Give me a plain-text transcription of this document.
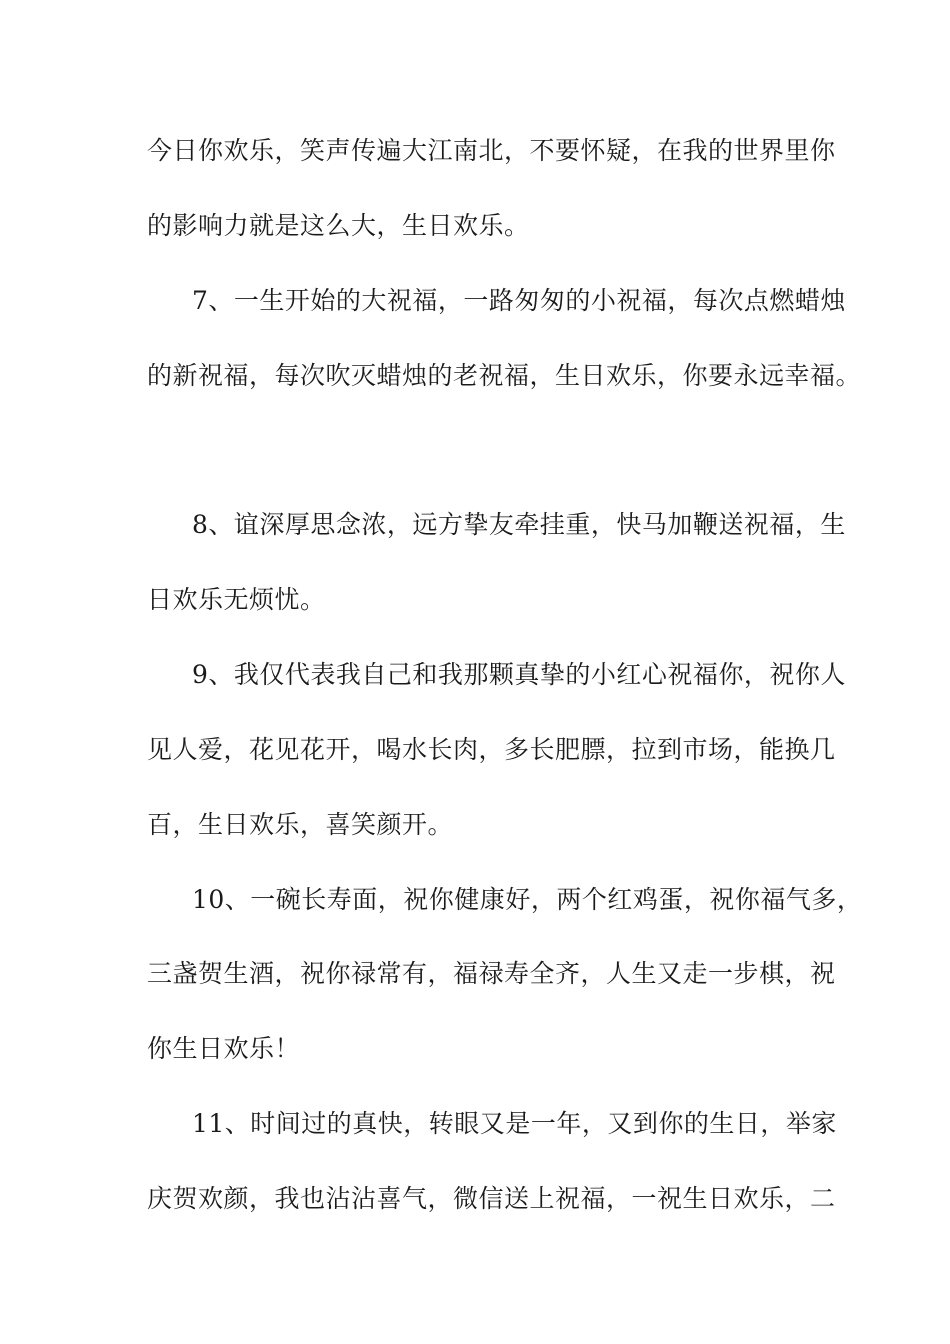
今日你欢乐，笑声传遍大江南北，不要怀疑，在我的世界里你
的影响力就是这么大，生日欢乐。
7、一生开始的大祝福，一路匆匆的小祝福，每次点燃蜡烛
的新祝福，每次吹灭蜡烛的老祝福，生日欢乐，你要永远幸福。
8、谊深厚思念浓，远方挚友牵挂重，快马加鞭送祝福，生
日欢乐无烦忧。
9、我仅代表我自己和我那颗真挚的小红心祝福你，祝你人
见人爱，花见花开，喝水长肉，多长肥膘，拉到市场，能换几
百，生日欢乐，喜笑颜开。
10、一碗长寿面，祝你健康好，两个红鸡蛋，祝你福气多，
三盏贺生酒，祝你禄常有，福禄寿全齐，人生又走一步棋，祝
你生日欢乐！
11、时间过的真快，转眼又是一年，又到你的生日，举家
庆贺欢颜，我也沾沾喜气，微信送上祝福，一祝生日欢乐，二
